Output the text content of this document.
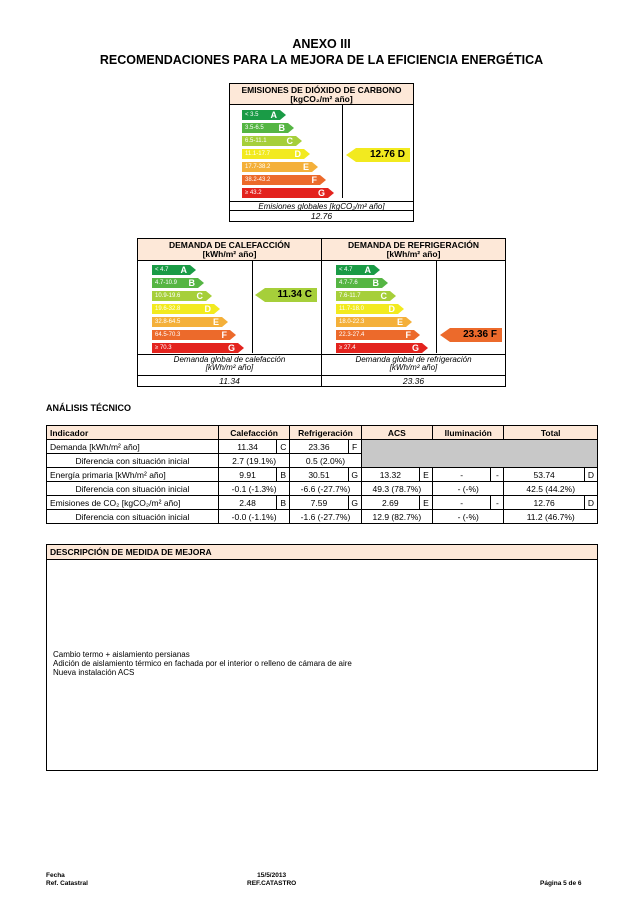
ANEXO III
RECOMENDACIONES PARA LA MEJORA DE LA EFICIENCIA ENERGÉTICA
EMISIONES DE DIÓXIDO DE CARBONO
[kgCO₂/m² año]
< 3.5 A
3.5-6.5 B
6.5-11.1 C
11.1-17.7	D
17.7-38.2	E
38.2-43.2	F
≥ 43.2	G
12.76 D
Emisiones globales [kgCO₂/m² año]
12.76
DEMANDA DE CALEFACCIÓN
[kWh/m² año]
< 4.7 A
4.7-10.9 B
10.9-19.6 C
19.6-32.8	D
32.8-64.5	E
64.5-70.3	F
≥ 70.3	G
11.34 C
Demanda global de calefacción
[kWh/m² año]
11.34
DEMANDA DE REFRIGERACIÓN
[kWh/m² año]
< 4.7 A
4.7-7.6 B
7.6-11.7 C
11.7-18.0	D
18.0-22.3	E
22.3-27.4	F
≥ 27.4	G
23.36 F
Demanda global de refrigeración
[kWh/m² año]
23.36
ANÁLISIS TÉCNICO
Indicador	Calefacción		Refrigeración		ACS		Iluminación		Total	
Demanda [kWh/m² año]	11.34	C	23.36	F						
Diferencia con situación inicial	2.7 (19.1%)		0.5 (2.0%)							
Energía primaria [kWh/m² año]	9.91	B	30.51	G	13.32	E	-	-	53.74	D
Diferencia con situación inicial	-0.1 (-1.3%)		-6.6 (-27.7%)		49.3 (78.7%)		- (-%)		42.5 (44.2%)	
Emisiones de CO₂ [kgCO₂/m² año]	2.48	B	7.59	G	2.69	E	-	-	12.76	D
Diferencia con situación inicial	-0.0 (-1.1%)		-1.6 (-27.7%)		12.9 (82.7%)		- (-%)		11.2 (46.7%)	
DESCRIPCIÓN DE MEDIDA DE MEJORA
Cambio termo + aislamiento persianas
Adición de aislamiento térmico en fachada por el interior o relleno de cámara de aire
Nueva instalación ACS
Fecha
Ref. Catastral
15/5/2013
REF.CATASTRO	Página 5 de 6
